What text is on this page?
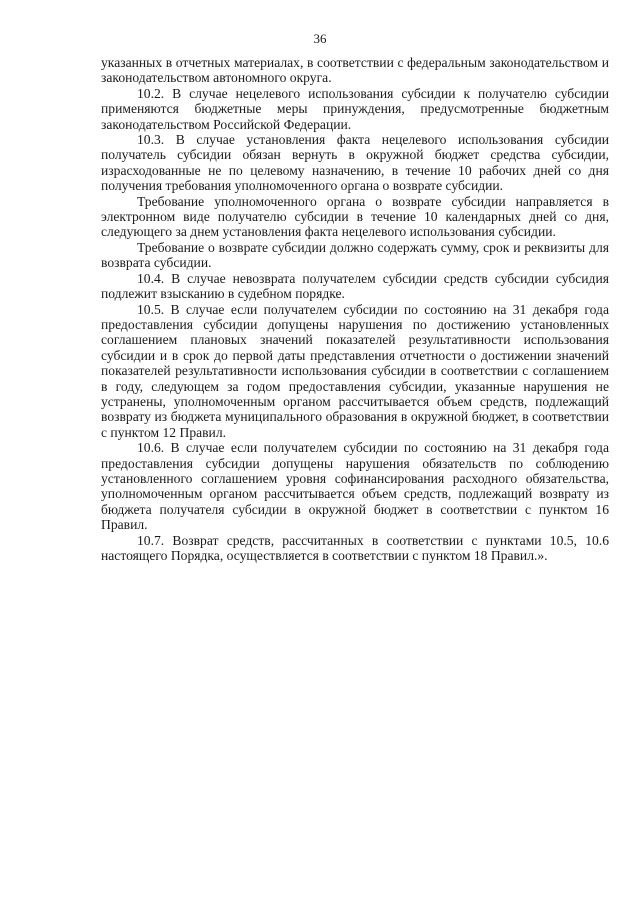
36

указанных в отчетных материалах, в соответствии с федеральным законодательством и законодательством автономного округа.

10.2. В случае нецелевого использования субсидии к получателю субсидии применяются бюджетные меры принуждения, предусмотренные бюджетным законодательством Российской Федерации.

10.3. В случае установления факта нецелевого использования субсидии получатель субсидии обязан вернуть в окружной бюджет средства субсидии, израсходованные не по целевому назначению, в течение 10 рабочих дней со дня получения требования уполномоченного органа о возврате субсидии.

Требование уполномоченного органа о возврате субсидии направляется в электронном виде получателю субсидии в течение 10 календарных дней со дня, следующего за днем установления факта нецелевого использования субсидии.

Требование о возврате субсидии должно содержать сумму, срок и реквизиты для возврата субсидии.

10.4. В случае невозврата получателем субсидии средств субсидии субсидия подлежит взысканию в судебном порядке.

10.5. В случае если получателем субсидии по состоянию на 31 декабря года предоставления субсидии допущены нарушения по достижению установленных соглашением плановых значений показателей результативности использования субсидии и в срок до первой даты представления отчетности о достижении значений показателей результативности использования субсидии в соответствии с соглашением в году, следующем за годом предоставления субсидии, указанные нарушения не устранены, уполномоченным органом рассчитывается объем средств, подлежащий возврату из бюджета муниципального образования в окружной бюджет, в соответствии с пунктом 12 Правил.

10.6. В случае если получателем субсидии по состоянию на 31 декабря года предоставления субсидии допущены нарушения обязательств по соблюдению установленного соглашением уровня софинансирования расходного обязательства, уполномоченным органом рассчитывается объем средств, подлежащий возврату из бюджета получателя субсидии в окружной бюджет в соответствии с пунктом 16 Правил.

10.7. Возврат средств, рассчитанных в соответствии с пунктами 10.5, 10.6 настоящего Порядка, осуществляется в соответствии с пунктом 18 Правил.».
